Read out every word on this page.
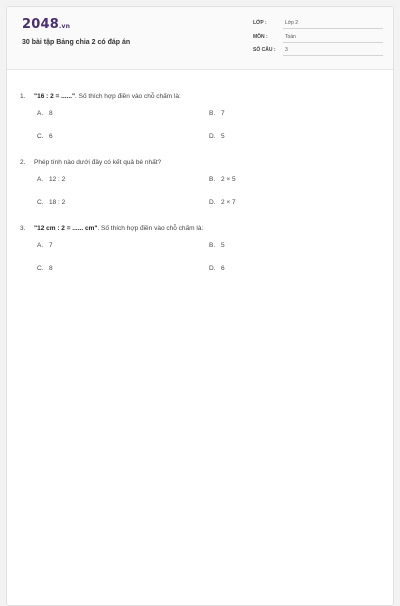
2048.vn
30 bài tập Bảng chia 2 có đáp án
LỚP :	Lớp 2
MÔN :	Toán
SỐ CÂU :	3
1.	"16 : 2 = ......". Số thích hợp điền vào chỗ chấm là:
A. 8	B. 7
C. 6	D. 5
2.	Phép tính nào dưới đây có kết quả bé nhất?
A. 12 : 2	B. 2 × 5
C. 18 : 2	D. 2 × 7
3.	"12 cm : 2 = ...... cm". Số thích hợp điền vào chỗ chấm là:
A. 7	B. 5
C. 8	D. 6
